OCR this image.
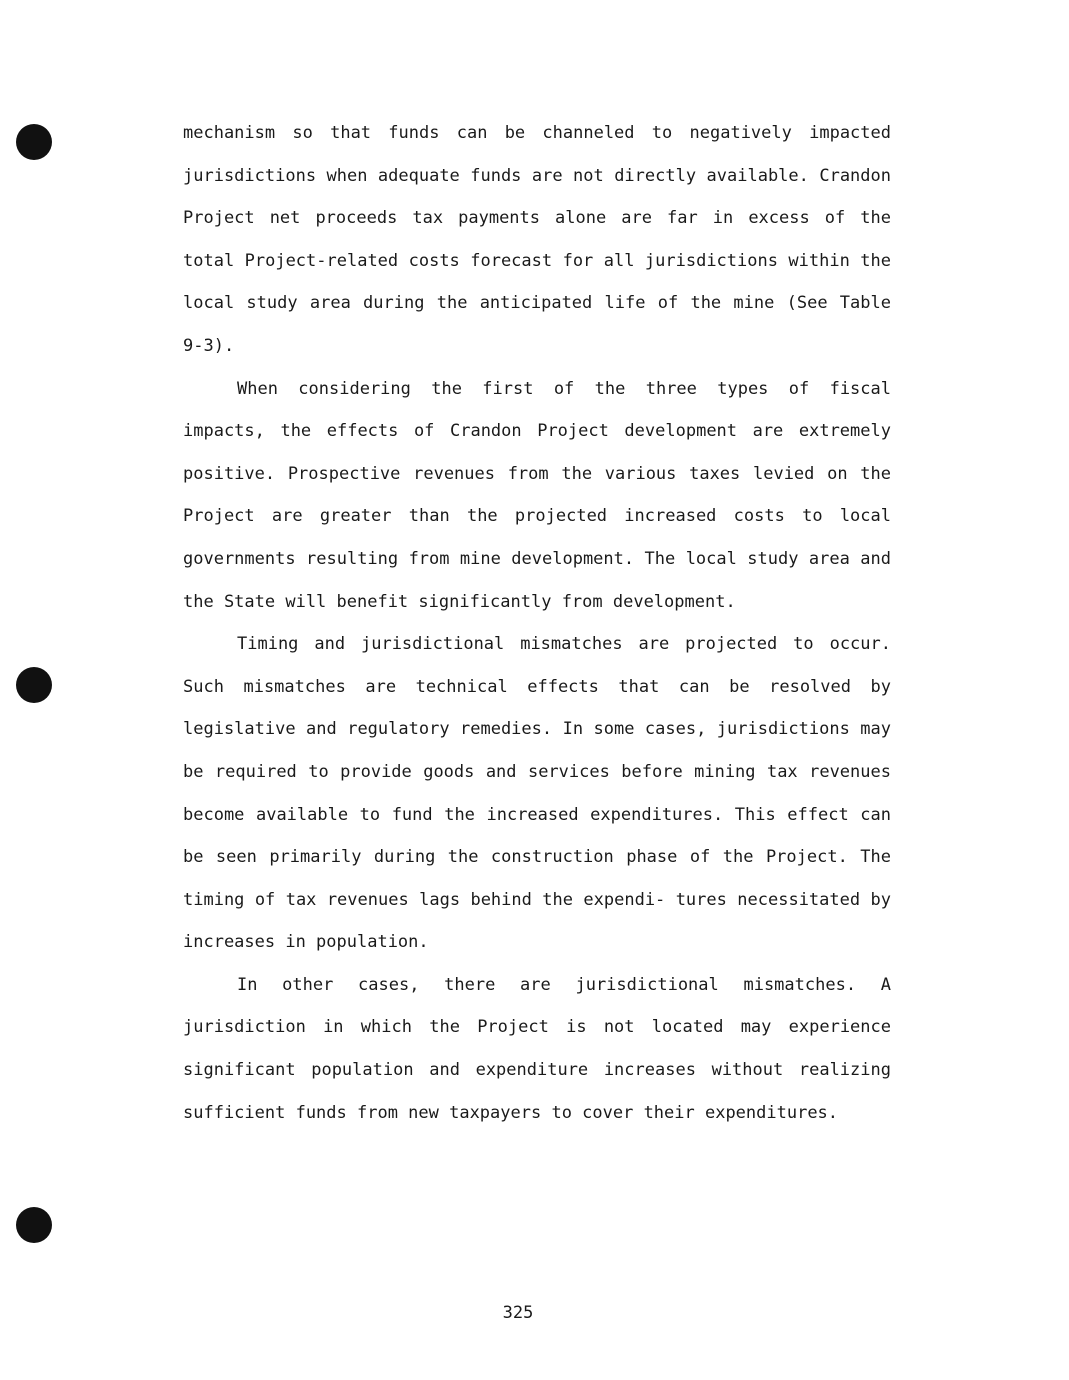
mechanism so that funds can be channeled to negatively impacted jurisdictions when adequate funds are not directly available. Crandon Project net proceeds tax payments alone are far in excess of the total Project-related costs forecast for all jurisdictions within the local study area during the anticipated life of the mine (See Table 9-3).

When considering the first of the three types of fiscal impacts, the effects of Crandon Project development are extremely positive. Prospective revenues from the various taxes levied on the Project are greater than the projected increased costs to local governments resulting from mine development. The local study area and the State will benefit significantly from development.

Timing and jurisdictional mismatches are projected to occur. Such mismatches are technical effects that can be resolved by legislative and regulatory remedies. In some cases, jurisdictions may be required to provide goods and services before mining tax revenues become available to fund the increased expenditures. This effect can be seen primarily during the construction phase of the Project. The timing of tax revenues lags behind the expendi- tures necessitated by increases in population.

In other cases, there are jurisdictional mismatches. A jurisdiction in which the Project is not located may experience significant population and expenditure increases without realizing sufficient funds from new taxpayers to cover their expenditures.

325
